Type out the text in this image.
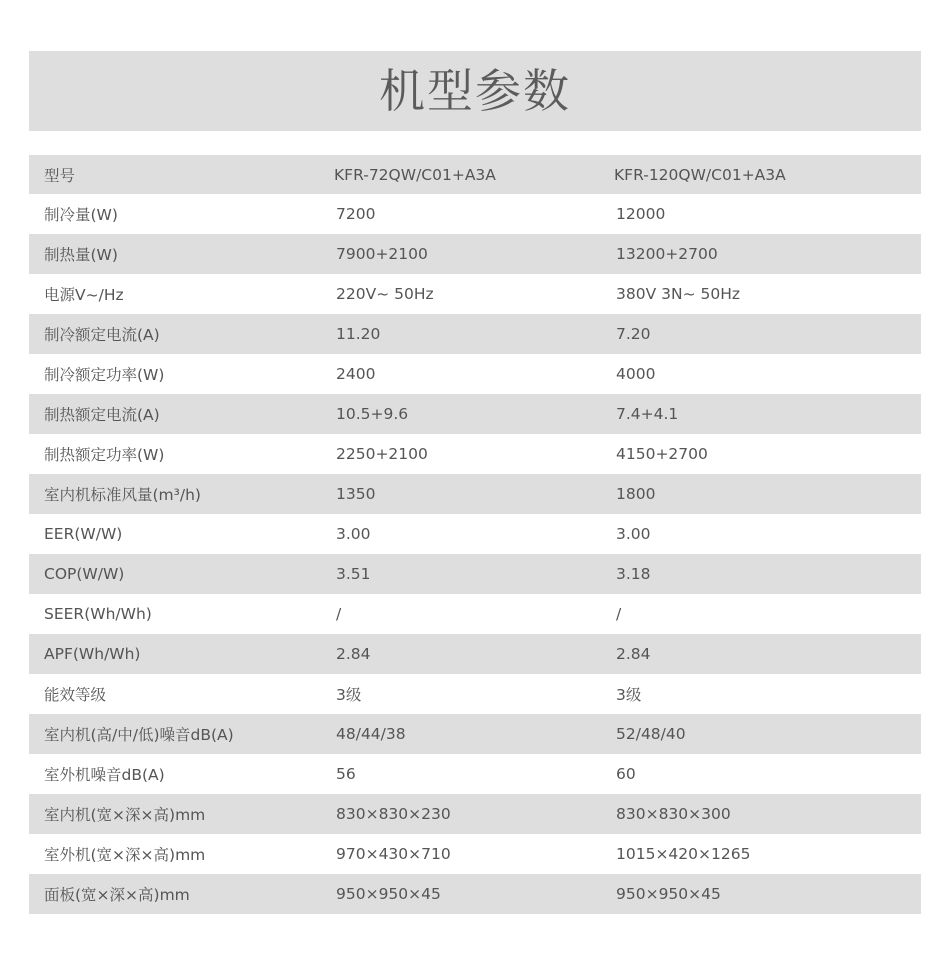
机型参数
型号	KFR-72QW/C01+A3A	KFR-120QW/C01+A3A
制冷量(W)	7200	12000
制热量(W)	7900+2100	13200+2700
电源V~/Hz	220V~ 50Hz	380V 3N~ 50Hz
制冷额定电流(A)	11.20	7.20
制冷额定功率(W)	2400	4000
制热额定电流(A)	10.5+9.6	7.4+4.1
制热额定功率(W)	2250+2100	4150+2700
室内机标准风量(m³/h)	1350	1800
EER(W/W)	3.00	3.00
COP(W/W)	3.51	3.18
SEER(Wh/Wh)	/	/
APF(Wh/Wh)	2.84	2.84
能效等级	3级	3级
室内机(高/中/低)噪音dB(A)	48/44/38	52/48/40
室外机噪音dB(A)	56	60
室内机(宽×深×高)mm	830×830×230	830×830×300
室外机(宽×深×高)mm	970×430×710	1015×420×1265
面板(宽×深×高)mm	950×950×45	950×950×45
